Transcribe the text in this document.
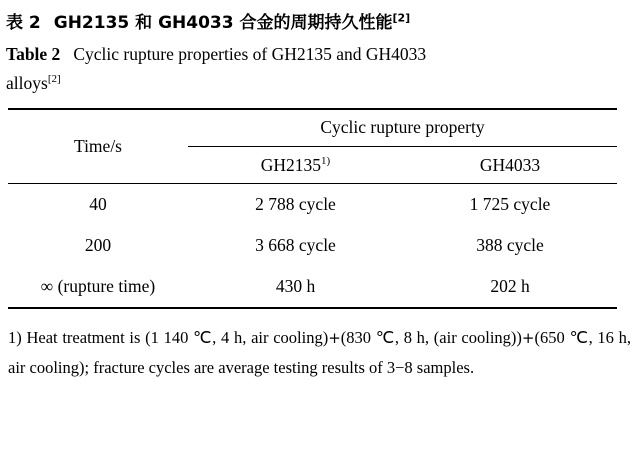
表 2 GH2135 和 GH4033 合金的周期持久性能[2]
Table 2 Cyclic rupture properties of GH2135 and GH4033
alloys[2]
Time/s	Cyclic rupture property	
	GH2135$^{1)}$	GH4033
40	2 788 cycle	1 725 cycle
200	3 668 cycle	388 cycle
∞ (rupture time)	430 h	202 h
1) Heat treatment is (1 140 ℃, 4 h, air cooling)+(830 ℃, 8 h, (air cooling))+(650 ℃, 16 h, air cooling); fracture cycles are average testing results of 3−8 samples.
